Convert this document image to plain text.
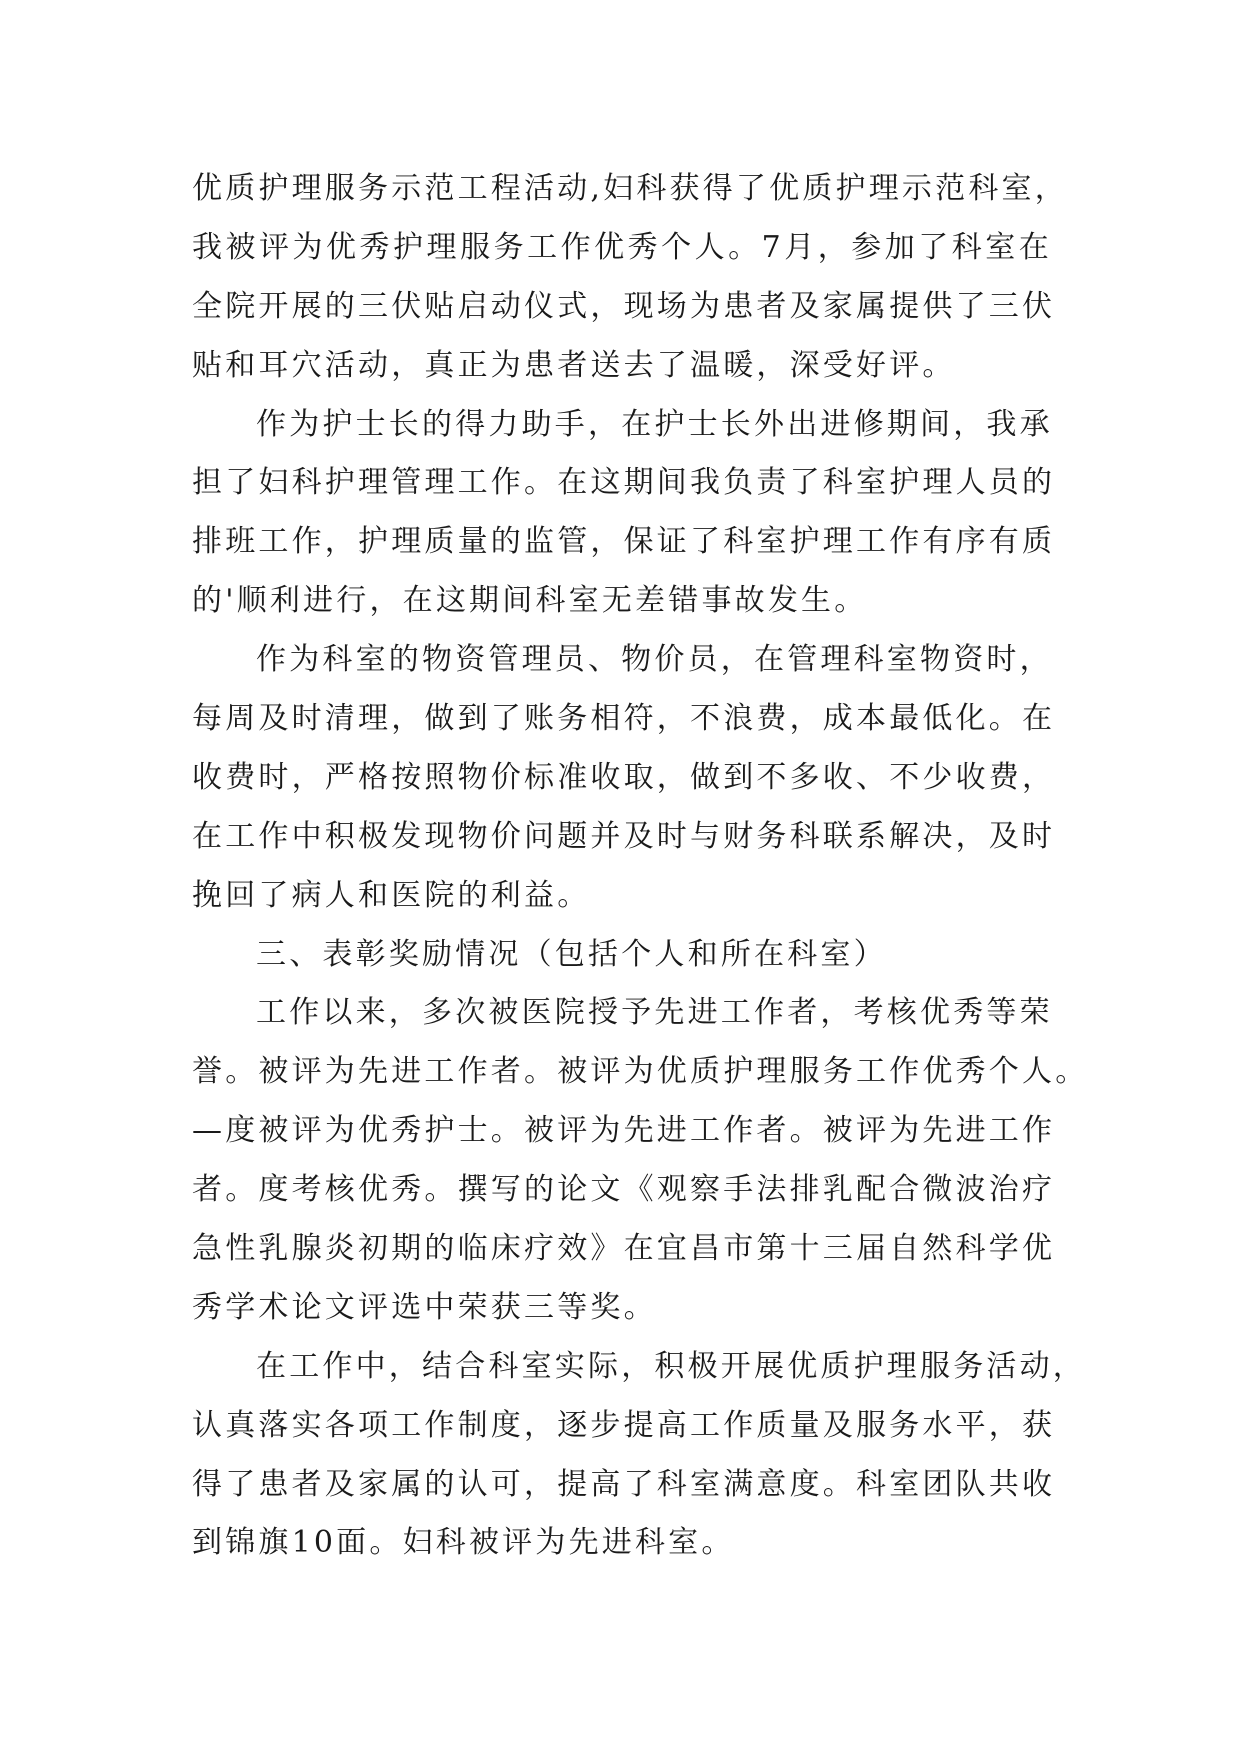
优质护理服务示范工程活动,妇科获得了优质护理示范科室，
我被评为优秀护理服务工作优秀个人。7月，参加了科室在
全院开展的三伏贴启动仪式，现场为患者及家属提供了三伏
贴和耳穴活动，真正为患者送去了温暖，深受好评。
作为护士长的得力助手，在护士长外出进修期间，我承
担了妇科护理管理工作。在这期间我负责了科室护理人员的
排班工作，护理质量的监管，保证了科室护理工作有序有质
的'顺利进行，在这期间科室无差错事故发生。
作为科室的物资管理员、物价员，在管理科室物资时，
每周及时清理，做到了账务相符，不浪费，成本最低化。在
收费时，严格按照物价标准收取，做到不多收、不少收费，
在工作中积极发现物价问题并及时与财务科联系解决，及时
挽回了病人和医院的利益。
三、表彰奖励情况（包括个人和所在科室）
工作以来，多次被医院授予先进工作者，考核优秀等荣
誉。被评为先进工作者。被评为优质护理服务工作优秀个人。
—度被评为优秀护士。被评为先进工作者。被评为先进工作
者。度考核优秀。撰写的论文《观察手法排乳配合微波治疗
急性乳腺炎初期的临床疗效》在宜昌市第十三届自然科学优
秀学术论文评选中荣获三等奖。
在工作中，结合科室实际，积极开展优质护理服务活动，
认真落实各项工作制度，逐步提高工作质量及服务水平，获
得了患者及家属的认可，提高了科室满意度。科室团队共收
到锦旗10面。妇科被评为先进科室。
